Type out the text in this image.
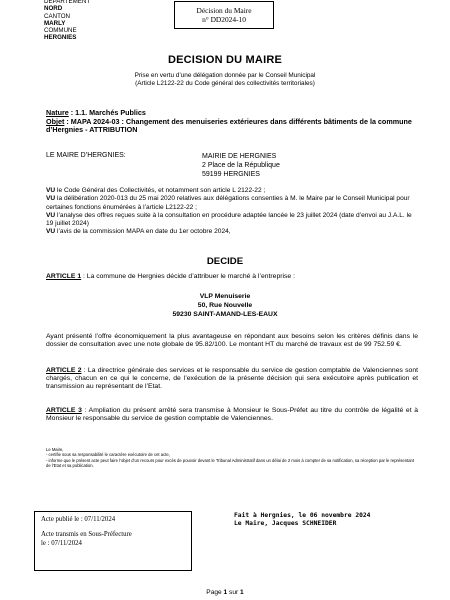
DEPARTEMENT
NORD
CANTON
MARLY
COMMUNE
HERGNIES
Décision du Maire
n° DD2024-10
DECISION DU MAIRE
Prise en vertu d’une délégation donnée par le Conseil Municipal
(Article L2122-22 du Code général des collectivités territoriales)
Nature : 1.1. Marchés Publics
Objet : MAPA 2024-03 : Changement des menuiseries extérieures dans différents bâtiments de la commune d’Hergnies - ATTRIBUTION
LE MAIRE D’HERGNIES:	MAIRIE DE HERGNIES
2 Place de la République
59199 HERGNIES

VU le Code Général des Collectivités, et notamment son article L 2122-22 ;

VU la délibération 2020-013 du 25 mai 2020 relatives aux délégations consenties à M. le Maire par le Conseil Municipal pour certaines fonctions énumérées à l’article L2122-22 ;

VU l’analyse des offres reçues suite à la consultation en procédure adaptée lancée le 23 juillet 2024 (date d’envoi au J.A.L. le 19 juillet 2024)

VU l’avis de la commission MAPA en date du 1er octobre 2024,

DECIDE
ARTICLE 1 : La commune de Hergnies décide d’attribuer le marché à l’entreprise :
VLP Menuiserie
50, Rue Nouvelle
59230 SAINT-AMAND-LES-EAUX
Ayant présenté l’offre économiquement la plus avantageuse en répondant aux besoins selon les critères définis dans le dossier de consultation avec une note globale de 95.82/100. Le montant HT du marché de travaux est de 99 752.59 €.
ARTICLE 2 : La directrice générale des services et le responsable du service de gestion comptable de Valenciennes sont chargés, chacun en ce qui le concerne, de l’exécution de la présente décision qui sera exécutoire après publication et transmission au représentant de l’Etat.
ARTICLE 3 : Ampliation du présent arrêté sera transmise à Monsieur le Sous-Préfet au titre du contrôle de légalité et à Monsieur le responsable du service de gestion comptable de Valenciennes.
Le Maire,
- certifie sous sa responsabilité le caractère exécutoire de cet acte,
- informe que le présent acte peut faire l’objet d’un recours pour excès de pouvoir devant le Tribunal Administratif dans un délai de 2 mois à compter de sa notification, sa réception par le représentant de l’Etat et sa publication.
Acte publié le : 07/11/2024
Acte transmis en Sous-Préfecture
le : 07/11/2024
Fait à Hergnies, le 06 novembre 2024
Le Maire, Jacques SCHNEIDER
Page 1 sur 1
